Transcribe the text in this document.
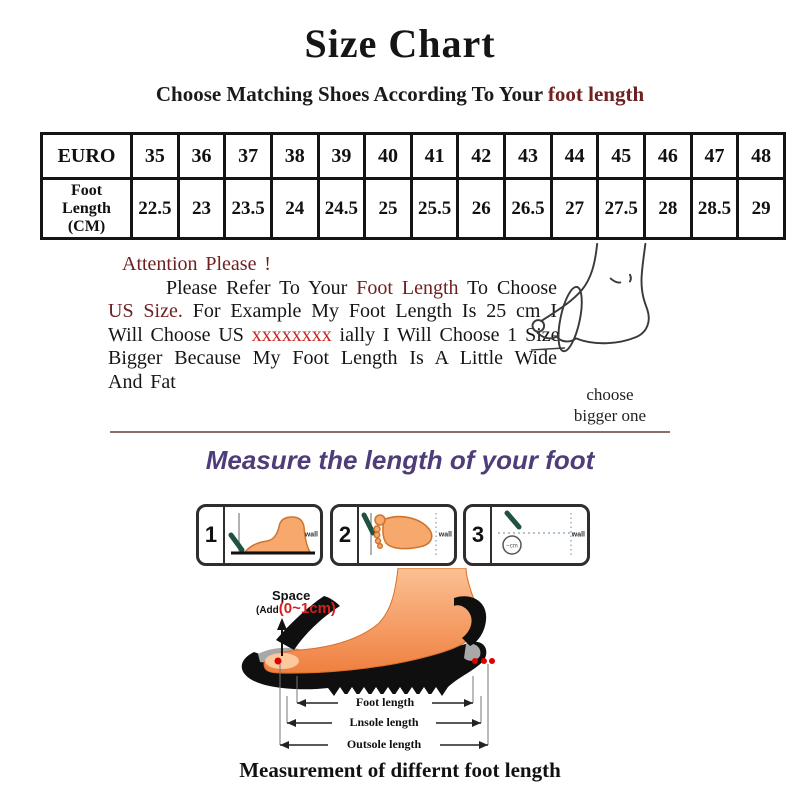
Size Chart
Choose Matching Shoes According To Your foot length
EURO	35	36	37	38	39	40	41	42	43	44	45	46	47	48

Foot
Length
(CM)	22.5	23	23.5	24	24.5	25	25.5	26	26.5	27	27.5	28	28.5	29
Attention Please !
Please Refer To Your Foot Length To Choose
US Size. For Example My Foot Length Is 25 cm I
Will Choose US xxxxxxxx ially I Will Choose 1 Size
Bigger Because My Foot Length Is A Little Wide
And Fat
choose
bigger one
Measure the length of your foot
1	wall 2	wall 3	~cm
wall
Foot length
Lnsole length
Outsole length
Space
(Add(0~1cm)
Measurement of differnt foot length
